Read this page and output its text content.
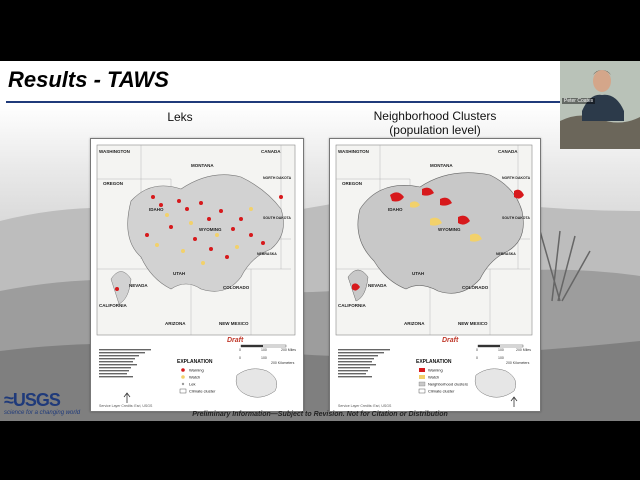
Results - TAWS
Leks	Neighborhood Clusters
(population level)
WASHINGTON
MONTANA
OREGON
IDAHO
WYOMING
NORTH DAKOTA
SOUTH DAKOTA
NEBRASKA
UTAH
NEVADA
CALIFORNIA
COLORADO
ARIZONA	NEW MEXICO
CANADA
Draft
0	100	200 Miles
0	100
200 Kilometers
EXPLANATION
Warning
Watch
Lek
Climate cluster
Service Layer Credits: Esri, USGS
WASHINGTON
MONTANA
OREGON
IDAHO
WYOMING
NORTH DAKOTA
SOUTH DAKOTA
NEBRASKA
UTAH
NEVADA
CALIFORNIA
COLORADO
ARIZONA	NEW MEXICO
CANADA
Draft
0	100	200 Miles
0	100
200 Kilometers
EXPLANATION
Warning
Watch
Neighborhood clusters
Climate cluster
Service Layer Credits: Esri, USGS
≈USGS
science for a changing world	Preliminary Information—Subject to Revision. Not for Citation or Distribution
Peter Coates
